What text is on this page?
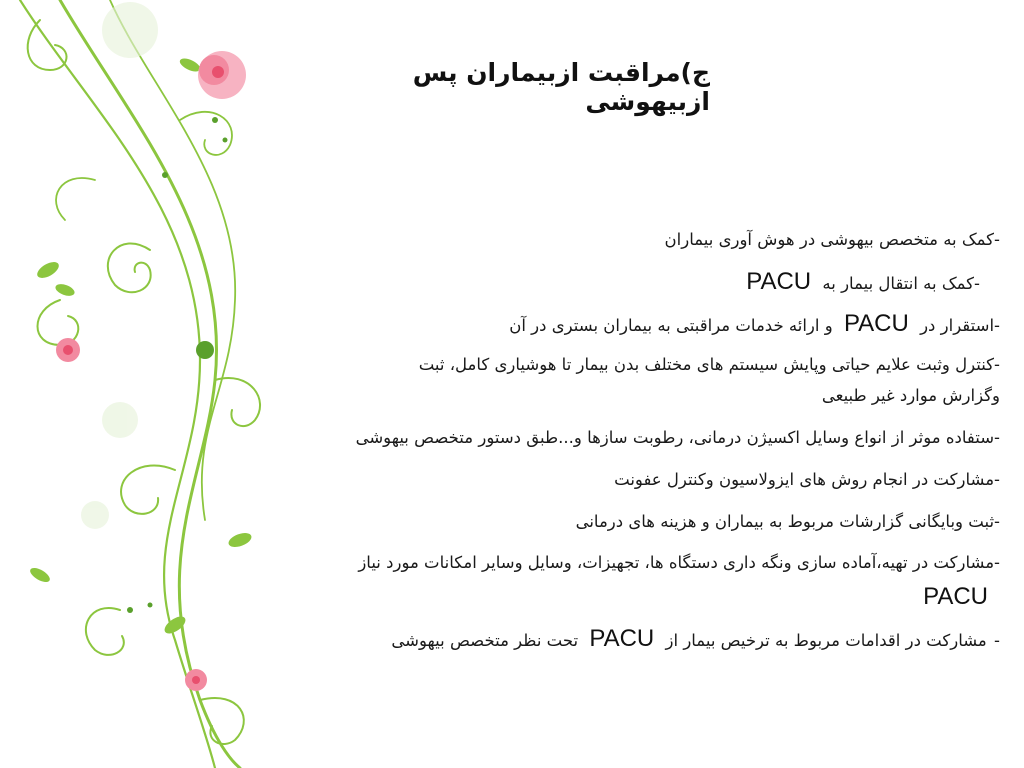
ج)مراقبت ازبیماران پس ازبیهوشی
-کمک به متخصص بیهوشی در هوش آوری بیماران
-کمک به انتقال بیمار به PACU
-استقرار در PACU و ارائه خدمات مراقبتی به بیماران بستری در آن
-کنترل وثبت علایم حیاتی وپایش سیستم های مختلف بدن بیمار تا هوشیاری کامل، ثبت
وگزارش موارد غیر طبیعی
-ستفاده موثر از انواع وسایل اکسیژن درمانی، رطوبت سازها و...طبق دستور متخصص بیهوشی
-مشارکت در انجام روش های ایزولاسیون وکنترل عفونت
-ثبت وبایگانی گزارشات مربوط به بیماران و هزینه های درمانی
-مشارکت در تهیه،آماده سازی ونگه داری دستگاه ها، تجهیزات، وسایل وسایر امکانات مورد نیاز
PACU
- مشارکت در اقدامات مربوط به ترخیص بیمار از PACU تحت نظر متخصص بیهوشی
